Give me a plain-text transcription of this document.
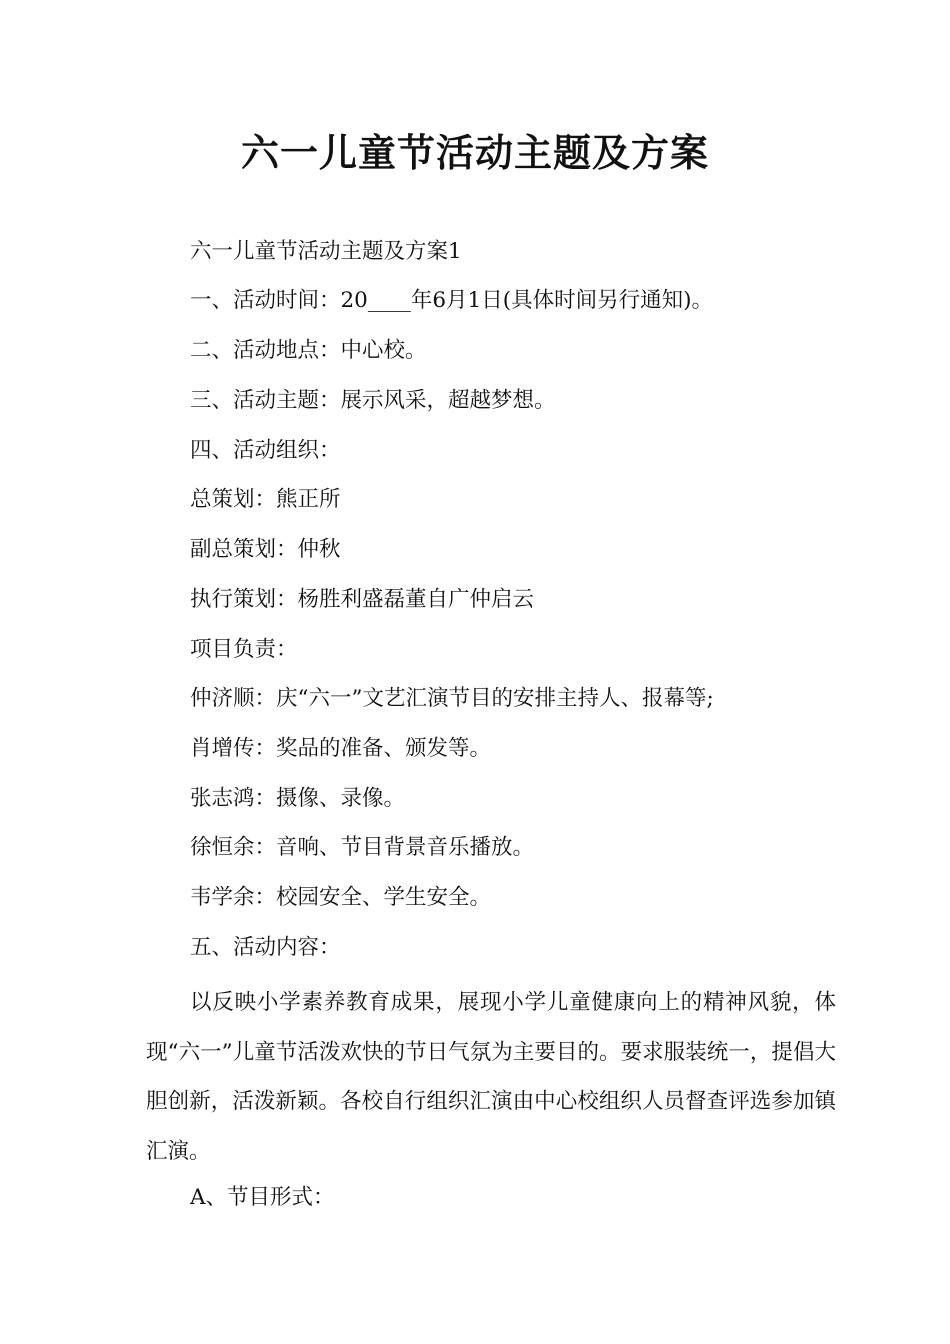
六一儿童节活动主题及方案

六一儿童节活动主题及方案1

一、活动时间：20____年6月1日(具体时间另行通知)。

二、活动地点：中心校。

三、活动主题：展示风采，超越梦想。

四、活动组织：

总策划：熊正所

副总策划：仲秋

执行策划：杨胜利盛磊董自广仲启云

项目负责：

仲济顺：庆“六一”文艺汇演节目的安排主持人、报幕等;

肖增传：奖品的准备、颁发等。

张志鸿：摄像、录像。

徐恒余：音响、节目背景音乐播放。

韦学余：校园安全、学生安全。

五、活动内容：

以反映小学素养教育成果，展现小学儿童健康向上的精神风貌，体现“六一”儿童节活泼欢快的节日气氛为主要目的。要求服装统一，提倡大胆创新，活泼新颖。各校自行组织汇演由中心校组织人员督查评选参加镇汇演。

A、节目形式：
